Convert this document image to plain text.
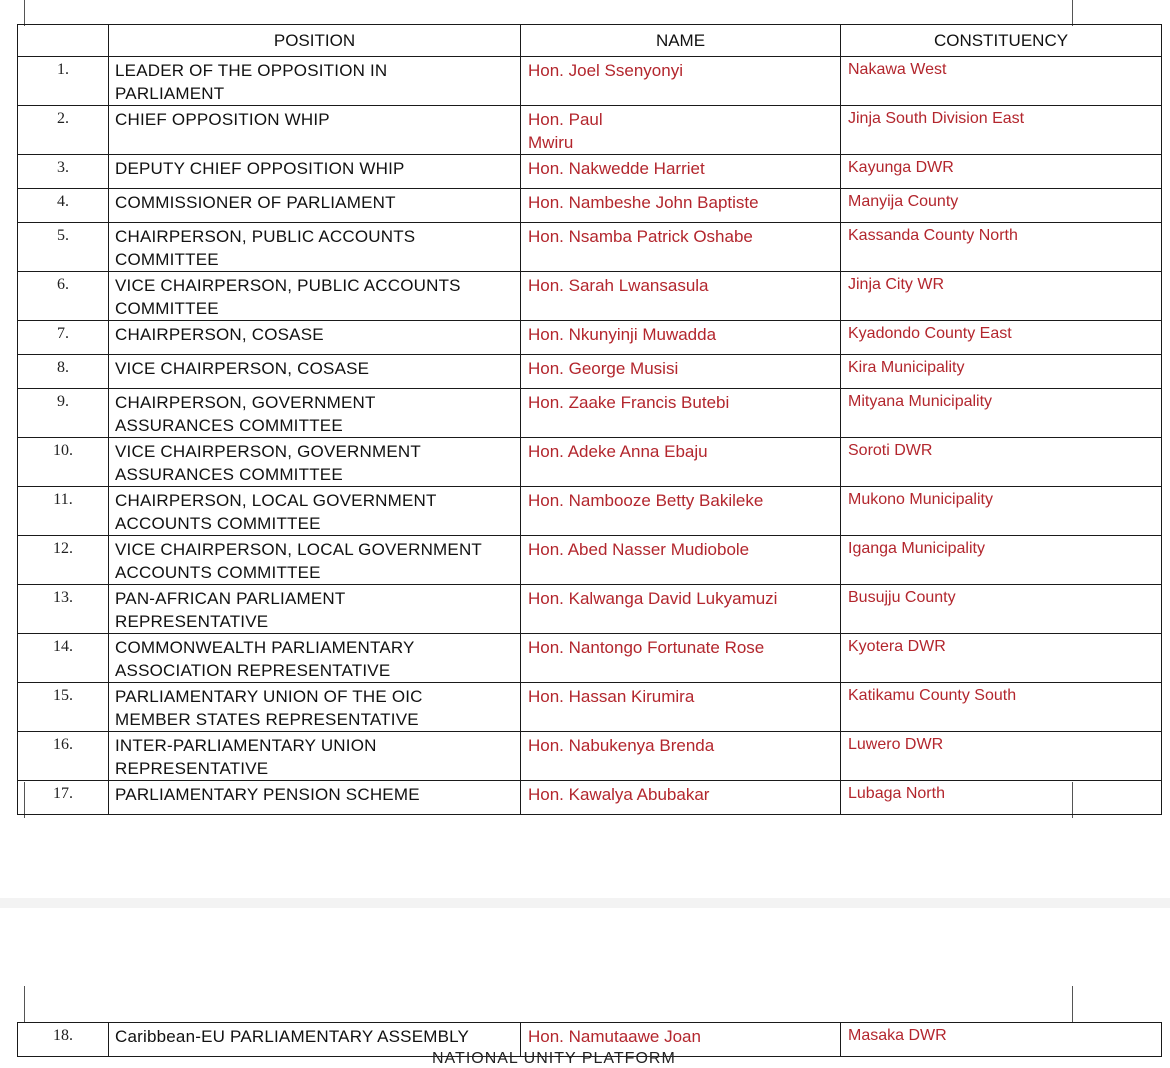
	POSITION	NAME	CONSTITUENCY

1.	LEADER OF THE OPPOSITION IN PARLIAMENT	Hon. Joel Ssenyonyi	Nakawa West

2.	CHIEF OPPOSITION WHIP	Hon. Paul Mwiru	Jinja South Division East

3.	DEPUTY CHIEF OPPOSITION WHIP	Hon. Nakwedde Harriet	Kayunga DWR

4.	COMMISSIONER OF PARLIAMENT	Hon. Nambeshe John Baptiste	Manyija County

5.	CHAIRPERSON, PUBLIC ACCOUNTS COMMITTEE	Hon. Nsamba Patrick Oshabe	Kassanda County North

6.	VICE CHAIRPERSON, PUBLIC ACCOUNTS COMMITTEE	Hon. Sarah Lwansasula	Jinja City WR

7.	CHAIRPERSON, COSASE	Hon. Nkunyinji Muwadda	Kyadondo County East

8.	VICE CHAIRPERSON, COSASE	Hon. George Musisi	Kira Municipality

9.	CHAIRPERSON, GOVERNMENT ASSURANCES COMMITTEE	Hon. Zaake Francis Butebi	Mityana Municipality

10.	VICE CHAIRPERSON, GOVERNMENT ASSURANCES COMMITTEE	Hon. Adeke Anna Ebaju	Soroti DWR

11.	CHAIRPERSON, LOCAL GOVERNMENT ACCOUNTS COMMITTEE	Hon. Nambooze Betty Bakileke	Mukono Municipality

12.	VICE CHAIRPERSON, LOCAL GOVERNMENT ACCOUNTS COMMITTEE	Hon. Abed Nasser Mudiobole	Iganga Municipality

13.	PAN-AFRICAN PARLIAMENT REPRESENTATIVE	Hon. Kalwanga David Lukyamuzi	Busujju County

14.	COMMONWEALTH PARLIAMENTARY ASSOCIATION REPRESENTATIVE	Hon. Nantongo Fortunate Rose	Kyotera DWR

15.	PARLIAMENTARY UNION OF THE OIC MEMBER STATES REPRESENTATIVE	Hon. Hassan Kirumira	Katikamu County South

16.	INTER-PARLIAMENTARY UNION REPRESENTATIVE	Hon. Nabukenya Brenda	Luwero DWR

17.	PARLIAMENTARY PENSION SCHEME	Hon. Kawalya Abubakar	Lubaga North
18.	Caribbean-EU PARLIAMENTARY ASSEMBLY	Hon. Namutaawe Joan	Masaka DWR
NATIONAL UNITY PLATFORM
